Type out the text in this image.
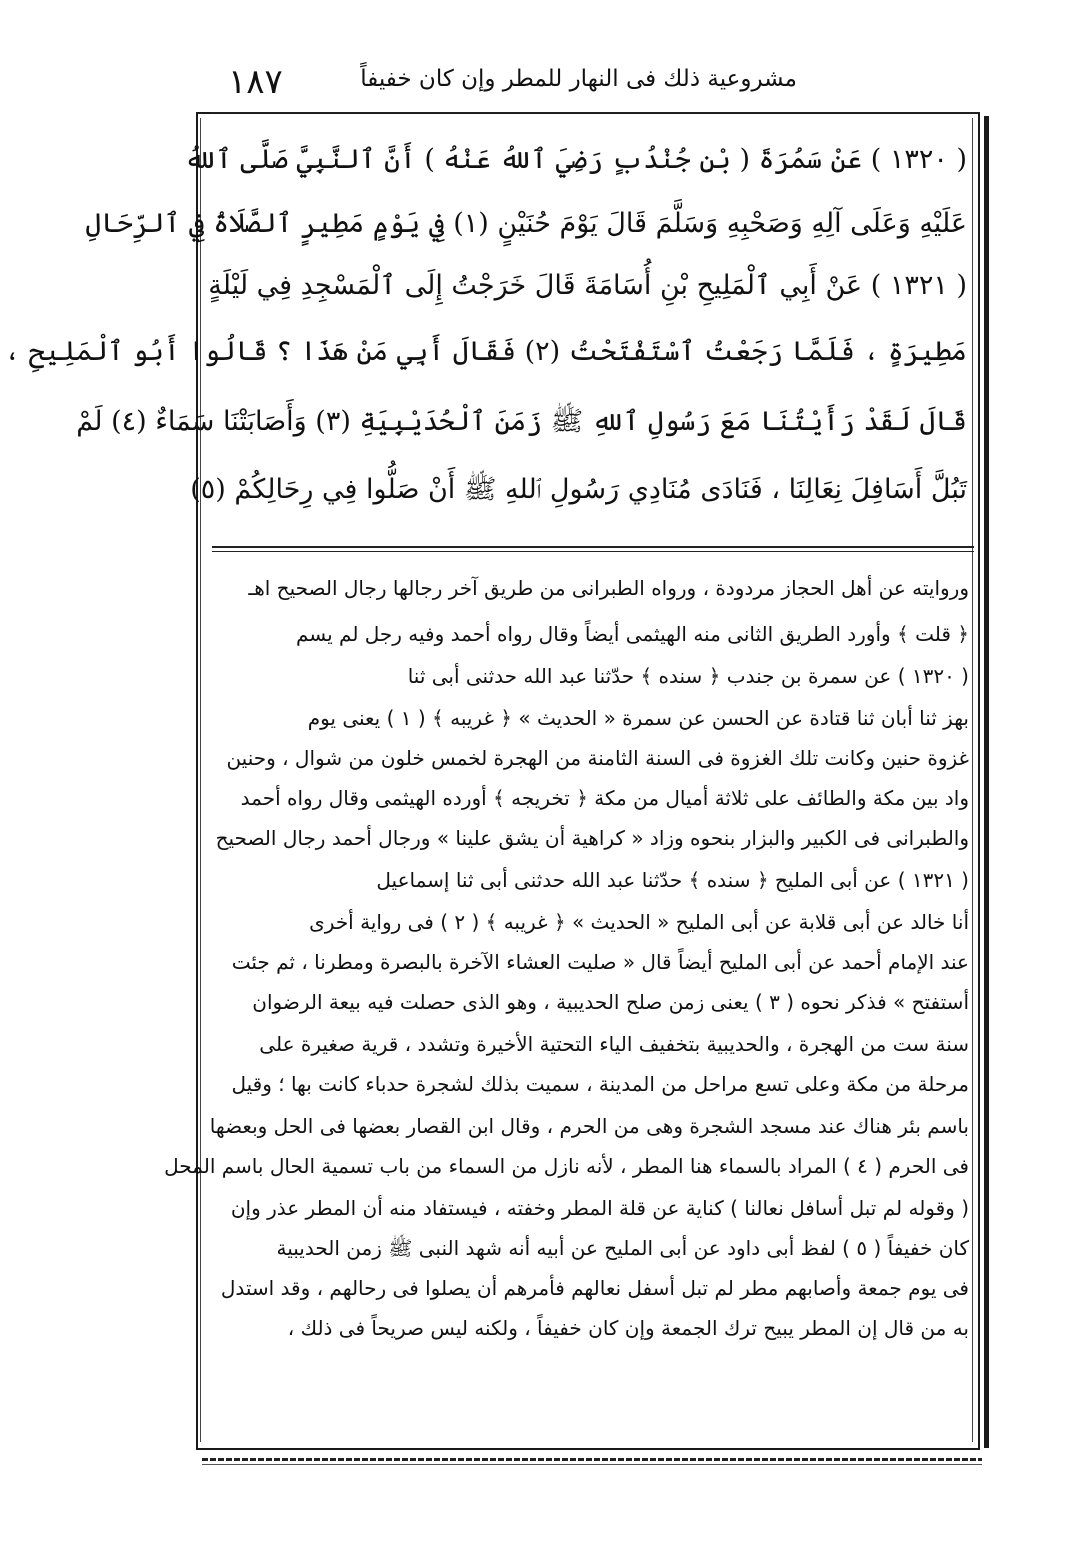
١٨٧	مشروعية ذلك فى النهار للمطر وإن كان خفيفاً
( ١٣٢٠ ) عَنْ سَمُرَةَ ( بْنِ جُنْدُبٍ رَضِيَ ٱللهُ عَنْهُ ) أَنَّ ٱلنَّبِيَّ صَلَّى ٱللهُ
عَلَيْهِ وَعَلَى آلِهِ وَصَحْبِهِ وَسَلَّمَ قَالَ يَوْمَ حُنَيْنٍ (١) فِي يَوْمٍ مَطِيرٍ ٱلصَّلَاةُ فِي ٱلرِّحَالِ
( ١٣٢١ ) عَنْ أَبِي ٱلْمَلِيحِ بْنِ أُسَامَةَ قَالَ خَرَجْتُ إِلَى ٱلْمَسْجِدِ فِي لَيْلَةٍ
مَطِيرَةٍ ، فَلَمَّا رَجَعْتُ ٱسْتَفْتَحْتُ (٢) فَقَالَ أَبِي مَنْ هَذَا ؟ قَالُوا أَبُو ٱلْمَلِيحِ ،
قَالَ لَقَدْ رَأَيْتُنَا مَعَ رَسُولِ ٱللهِ ﷺ زَمَنَ ٱلْحُدَيْبِيَةِ (٣) وَأَصَابَتْنَا سَمَاءٌ (٤) لَمْ
تَبُلَّ أَسَافِلَ نِعَالِنَا ، فَنَادَى مُنَادِي رَسُولِ ٱللهِ ﷺ أَنْ صَلُّوا فِي رِحَالِكُمْ (٥)
وروايته عن أهل الحجاز مردودة ، ورواه الطبرانى من طريق آخر رجالها رجال الصحيح اهـ
﴿ قلت ﴾ وأورد الطريق الثانى منه الهيثمى أيضاً وقال رواه أحمد وفيه رجل لم يسم
( ١٣٢٠ ) عن سمرة بن جندب ﴿ سنده ﴾ حدّثنا عبد الله حدثنى أبى ثنا
بهز ثنا أبان ثنا قتادة عن الحسن عن سمرة « الحديث » ﴿ غريبه ﴾ ( ١ ) يعنى يوم
غزوة حنين وكانت تلك الغزوة فى السنة الثامنة من الهجرة لخمس خلون من شوال ، وحنين
واد بين مكة والطائف على ثلاثة أميال من مكة ﴿ تخريجه ﴾ أورده الهيثمى وقال رواه أحمد
والطبرانى فى الكبير والبزار بنحوه وزاد « كراهية أن يشق علينا » ورجال أحمد رجال الصحيح
( ١٣٢١ ) عن أبى المليح ﴿ سنده ﴾ حدّثنا عبد الله حدثنى أبى ثنا إسماعيل
أنا خالد عن أبى قلابة عن أبى المليح « الحديث » ﴿ غريبه ﴾ ( ٢ ) فى رواية أخرى
عند الإمام أحمد عن أبى المليح أيضاً قال « صليت العشاء الآخرة بالبصرة ومطرنا ، ثم جئت
أستفتح » فذكر نحوه ( ٣ ) يعنى زمن صلح الحديبية ، وهو الذى حصلت فيه بيعة الرضوان
سنة ست من الهجرة ، والحديبية بتخفيف الياء التحتية الأخيرة وتشدد ، قرية صغيرة على
مرحلة من مكة وعلى تسع مراحل من المدينة ، سميت بذلك لشجرة حدباء كانت بها ؛ وقيل
باسم بئر هناك عند مسجد الشجرة وهى من الحرم ، وقال ابن القصار بعضها فى الحل وبعضها
فى الحرم ( ٤ ) المراد بالسماء هنا المطر ، لأنه نازل من السماء من باب تسمية الحال باسم المحل
( وقوله لم تبل أسافل نعالنا ) كناية عن قلة المطر وخفته ، فيستفاد منه أن المطر عذر وإن
كان خفيفاً ( ٥ ) لفظ أبى داود عن أبى المليح عن أبيه أنه شهد النبى ﷺ زمن الحديبية
فى يوم جمعة وأصابهم مطر لم تبل أسفل نعالهم فأمرهم أن يصلوا فى رحالهم ، وقد استدل
به من قال إن المطر يبيح ترك الجمعة وإن كان خفيفاً ، ولكنه ليس صريحاً فى ذلك ،
